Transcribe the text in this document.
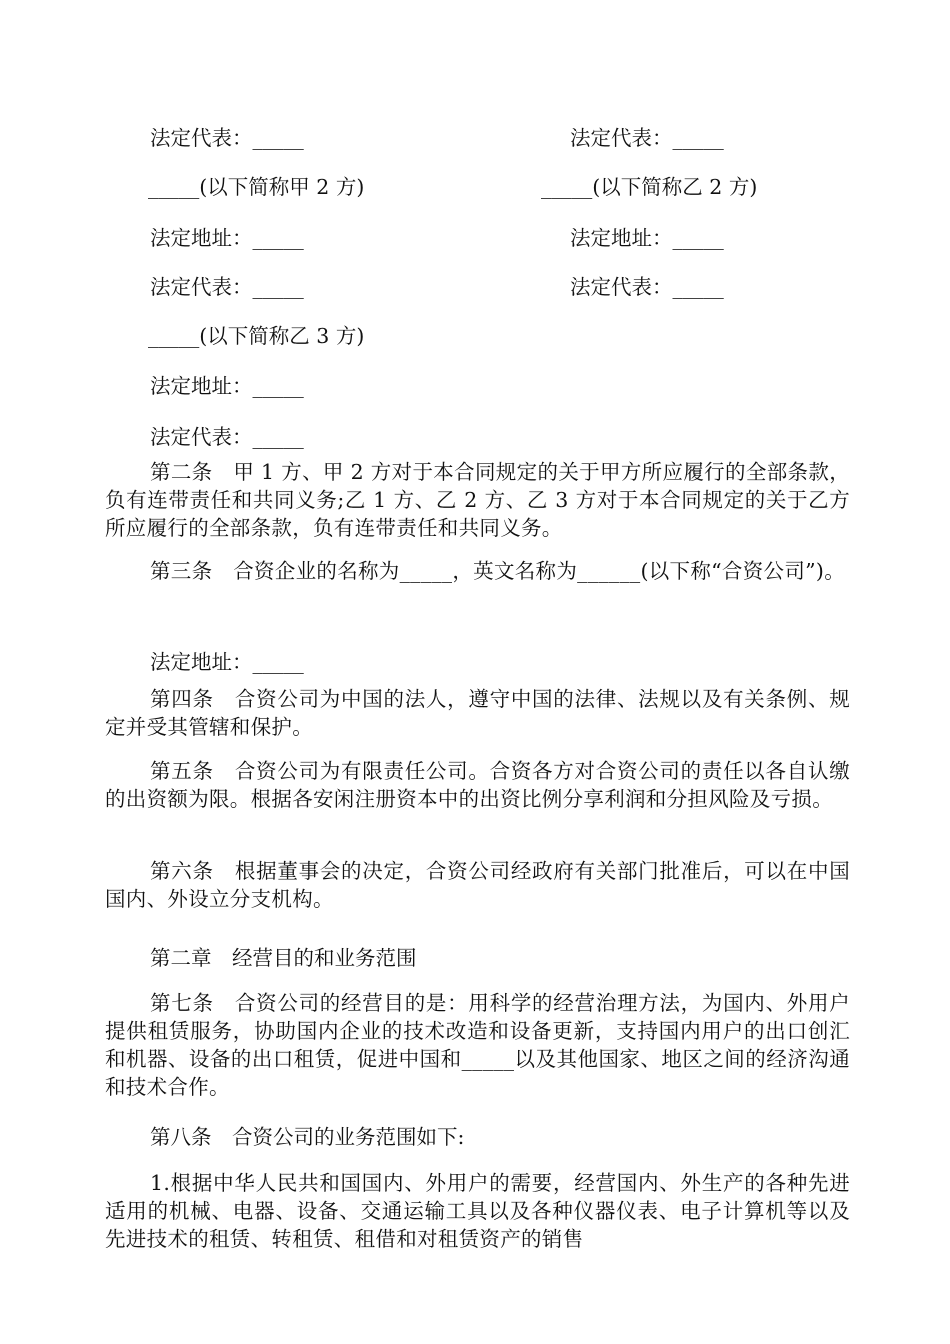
法定代表：_____	法定代表：_____
_____(以下简称甲 2 方)	_____(以下简称乙 2 方)
法定地址：_____	法定地址：_____
法定代表：_____	法定代表：_____
_____(以下简称乙 3 方)
法定地址：_____
法定代表：_____

第二条　甲 1 方、甲 2 方对于本合同规定的关于甲方所应履行的全部条款，负有连带责任和共同义务;乙 1 方、乙 2 方、乙 3 方对于本合同规定的关于乙方所应履行的全部条款，负有连带责任和共同义务。

第三条　合资企业的名称为_____，英文名称为______(以下称“合资公司”)。

法定地址：_____

第四条　合资公司为中国的法人，遵守中国的法律、法规以及有关条例、规定并受其管辖和保护。

第五条　合资公司为有限责任公司。合资各方对合资公司的责任以各自认缴的出资额为限。根据各安闲注册资本中的出资比例分享利润和分担风险及亏损。

第六条　根据董事会的决定，合资公司经政府有关部门批准后，可以在中国国内、外设立分支机构。

第二章　经营目的和业务范围

第七条　合资公司的经营目的是：用科学的经营治理方法，为国内、外用户提供租赁服务，协助国内企业的技术改造和设备更新，支持国内用户的出口创汇和机器、设备的出口租赁，促进中国和_____以及其他国家、地区之间的经济沟通和技术合作。

第八条　合资公司的业务范围如下:

1.根据中华人民共和国国内、外用户的需要，经营国内、外生产的各种先进适用的机械、电器、设备、交通运输工具以及各种仪器仪表、电子计算机等以及先进技术的租赁、转租赁、租借和对租赁资产的销售
